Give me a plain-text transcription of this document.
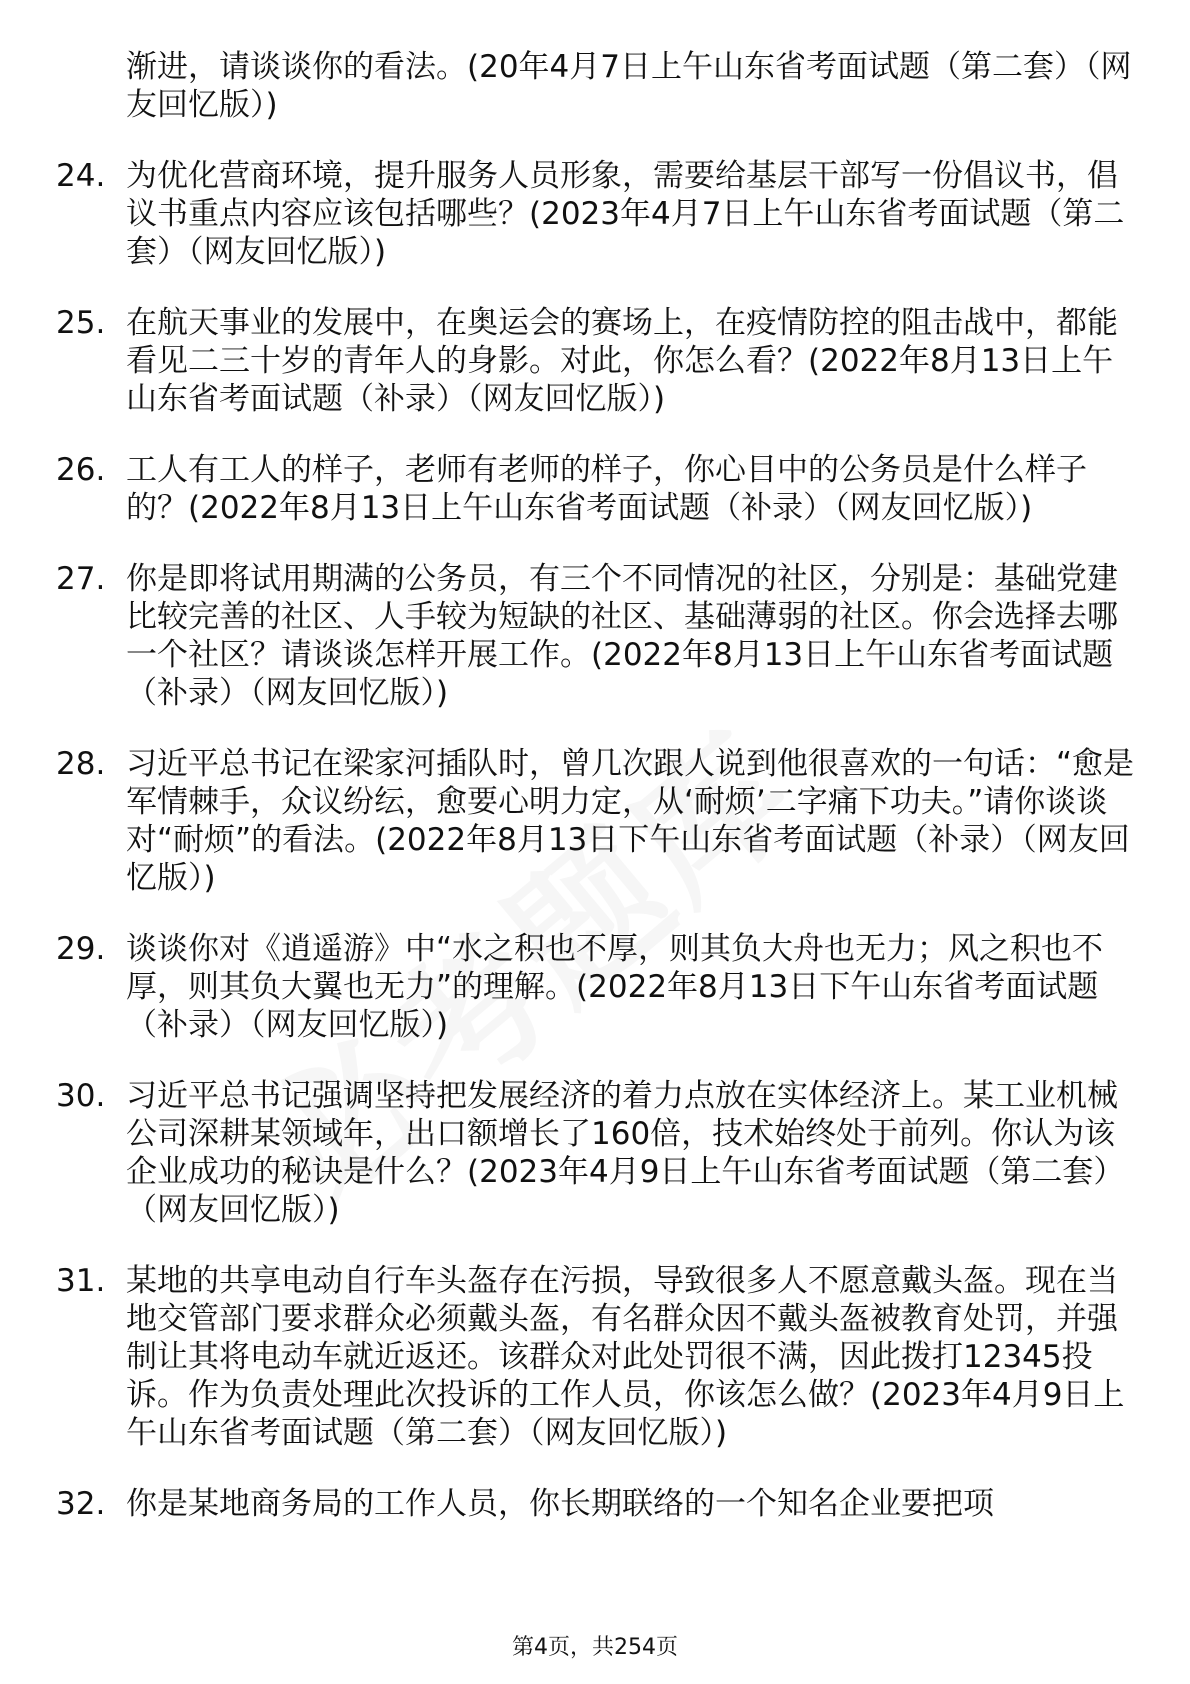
渐进，请谈谈你的看法。(20年4月7日上午山东省考面试题（第二套）（网友回忆版）)
24. 为优化营商环境，提升服务人员形象，需要给基层干部写一份倡议书，倡议书重点内容应该包括哪些？(2023年4月7日上午山东省考面试题（第二套）（网友回忆版）)
25. 在航天事业的发展中，在奥运会的赛场上，在疫情防控的阻击战中，都能看见二三十岁的青年人的身影。对此，你怎么看？(2022年8月13日上午山东省考面试题（补录）（网友回忆版）)
26. 工人有工人的样子，老师有老师的样子，你心目中的公务员是什么样子的？(2022年8月13日上午山东省考面试题（补录）（网友回忆版）)
27. 你是即将试用期满的公务员，有三个不同情况的社区，分别是：基础党建比较完善的社区、人手较为短缺的社区、基础薄弱的社区。你会选择去哪一个社区？请谈谈怎样开展工作。(2022年8月13日上午山东省考面试题（补录）（网友回忆版）)
28. 习近平总书记在梁家河插队时，曾几次跟人说到他很喜欢的一句话：“愈是军情棘手，众议纷纭，愈要心明力定，从‘耐烦’二字痛下功夫。”请你谈谈对“耐烦”的看法。(2022年8月13日下午山东省考面试题（补录）（网友回忆版）)
29. 谈谈你对《逍遥游》中“水之积也不厚，则其负大舟也无力；风之积也不厚，则其负大翼也无力”的理解。(2022年8月13日下午山东省考面试题（补录）（网友回忆版）)
30. 习近平总书记强调坚持把发展经济的着力点放在实体经济上。某工业机械公司深耕某领域年，出口额增长了160倍，技术始终处于前列。你认为该企业成功的秘诀是什么？(2023年4月9日上午山东省考面试题（第二套）（网友回忆版）)
31. 某地的共享电动自行车头盔存在污损，导致很多人不愿意戴头盔。现在当地交管部门要求群众必须戴头盔，有名群众因不戴头盔被教育处罚，并强制让其将电动车就近返还。该群众对此处罚很不满，因此拨打12345投诉。作为负责处理此次投诉的工作人员，你该怎么做？(2023年4月9日上午山东省考面试题（第二套）（网友回忆版）)
32. 你是某地商务局的工作人员，你长期联络的一个知名企业要把项
第4页，共254页
